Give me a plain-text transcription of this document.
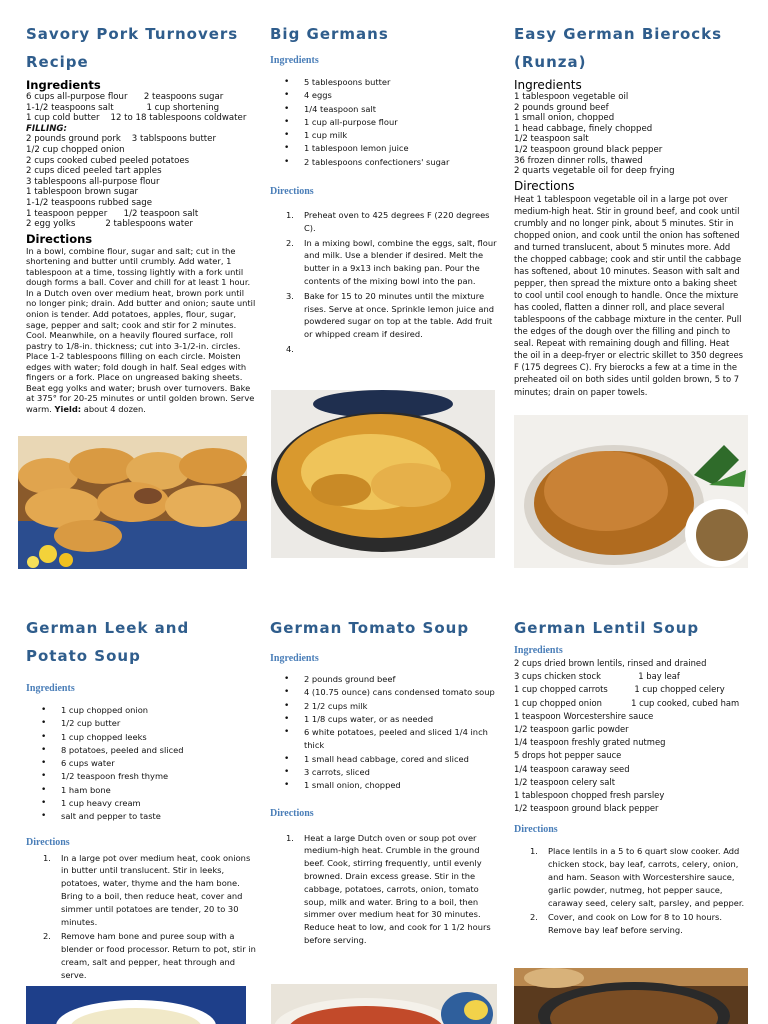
Savory Pork Turnovers

Recipe

Ingredients

6 cups all-purpose flour      2 teaspoons sugar
1-1/2 teaspoons salt            1 cup shortening
1 cup cold butter    12 to 18 tablespoons coldwater

FILLING:

2 pounds ground pork    3 tablspoons butter
1/2 cup chopped onion
2 cups cooked cubed peeled potatoes
2 cups diced peeled tart apples
3 tablespoons all-purpose flour
1 tablespoon brown sugar
1-1/2 teaspoons rubbed sage
1 teaspoon pepper      1/2 teaspoon salt
2 egg yolks           2 tablespoons water

Directions

In a bowl, combine flour, sugar and salt; cut in the shortening and butter until crumbly. Add water, 1 tablespoon at a time, tossing lightly with a fork until dough forms a ball. Cover and chill for at least 1 hour. In a Dutch oven over medium heat, brown pork until no longer pink; drain. Add butter and onion; saute until onion is tender. Add potatoes, apples, flour, sugar, sage, pepper and salt; cook and stir for 2 minutes. Cool. Meanwhile, on a heavily floured surface, roll pastry to 1/8-in. thickness; cut into 3-1/2-in. circles. Place 1-2 tablespoons filling on each circle. Moisten edges with water; fold dough in half. Seal edges with fingers or a fork. Place on ungreased baking sheets. Beat egg yolks and water; brush over turnovers. Bake at 375° for 20-25 minutes or until golden brown. Serve warm. Yield: about 4 dozen.

Big Germans

Ingredients

• 5 tablespoons butter
• 4 eggs
• 1/4 teaspoon salt
• 1 cup all-purpose flour
• 1 cup milk
• 1 tablespoon lemon juice
• 2 tablespoons confectioners' sugar

Directions

1. Preheat oven to 425 degrees F (220 degrees C).
2. In a mixing bowl, combine the eggs, salt, flour and milk. Use a blender if desired. Melt the butter in a 9x13 inch baking pan. Pour the contents of the mixing bowl into the pan.
3. Bake for 15 to 20 minutes until the mixture rises. Serve at once. Sprinkle lemon juice and powdered sugar on top at the table. Add fruit or whipped cream if desired.
4.

Easy German Bierocks

(Runza)

Ingredients

1 tablespoon vegetable oil
2 pounds ground beef
1 small onion, chopped
1 head cabbage, finely chopped
1/2 teaspoon salt
1/2 teaspoon ground black pepper
36 frozen dinner rolls, thawed
2 quarts vegetable oil for deep frying

Directions

Heat 1 tablespoon vegetable oil in a large pot over medium-high heat. Stir in ground beef, and cook until crumbly and no longer pink, about 5 minutes. Stir in chopped onion, and cook until the onion has softened and turned translucent, about 5 minutes more. Add the chopped cabbage; cook and stir until the cabbage has softened, about 10 minutes. Season with salt and pepper, then spread the mixture onto a baking sheet to cool until cool enough to handle. Once the mixture has cooled, flatten a dinner roll, and place several tablespoons of the cabbage mixture in the center. Pull the edges of the dough over the filling and pinch to seal. Repeat with remaining dough and filling. Heat the oil in a deep-fryer or electric skillet to 350 degrees F (175 degrees C). Fry bierocks a few at a time in the preheated oil on both sides until golden brown, 5 to 7 minutes; drain on paper towels.

German Leek and

Potato Soup

Ingredients

• 1 cup chopped onion
• 1/2 cup butter
• 1 cup chopped leeks
• 8 potatoes, peeled and sliced
• 6 cups water
• 1/2 teaspoon fresh thyme
• 1 ham bone
• 1 cup heavy cream
• salt and pepper to taste

Directions

1. In a large pot over medium heat, cook onions in butter until translucent. Stir in leeks, potatoes, water, thyme and the ham bone. Bring to a boil, then reduce heat, cover and simmer until potatoes are tender, 20 to 30 minutes.
2. Remove ham bone and puree soup with a blender or food processor. Return to pot, stir in cream, salt and pepper, heat through and serve.

German Tomato Soup

Ingredients

• 2 pounds ground beef
• 4 (10.75 ounce) cans condensed tomato soup
• 2 1/2 cups milk
• 1 1/8 cups water, or as needed
• 6 white potatoes, peeled and sliced 1/4 inch thick
• 1 small head cabbage, cored and sliced
• 3 carrots, sliced
• 1 small onion, chopped

Directions

1. Heat a large Dutch oven or soup pot over medium-high heat. Crumble in the ground beef. Cook, stirring frequently, until evenly browned. Drain excess grease. Stir in the cabbage, potatoes, carrots, onion, tomato soup, milk and water. Bring to a boil, then simmer over medium heat for 30 minutes. Reduce heat to low, and cook for 1 1/2 hours before serving.

German Lentil Soup

Ingredients

2 cups dried brown lentils, rinsed and drained
3 cups chicken stock              1 bay leaf
1 cup chopped carrots          1 cup chopped celery
1 cup chopped onion           1 cup cooked, cubed ham
1 teaspoon Worcestershire sauce
1/2 teaspoon garlic powder
1/4 teaspoon freshly grated nutmeg
5 drops hot pepper sauce
1/4 teaspoon caraway seed
1/2 teaspoon celery salt
1 tablespoon chopped fresh parsley
1/2 teaspoon ground black pepper

Directions

1. Place lentils in a 5 to 6 quart slow cooker. Add chicken stock, bay leaf, carrots, celery, onion, and ham. Season with Worcestershire sauce, garlic powder, nutmeg, hot pepper sauce, caraway seed, celery salt, parsley, and pepper.
2. Cover, and cook on Low for 8 to 10 hours. Remove bay leaf before serving.
